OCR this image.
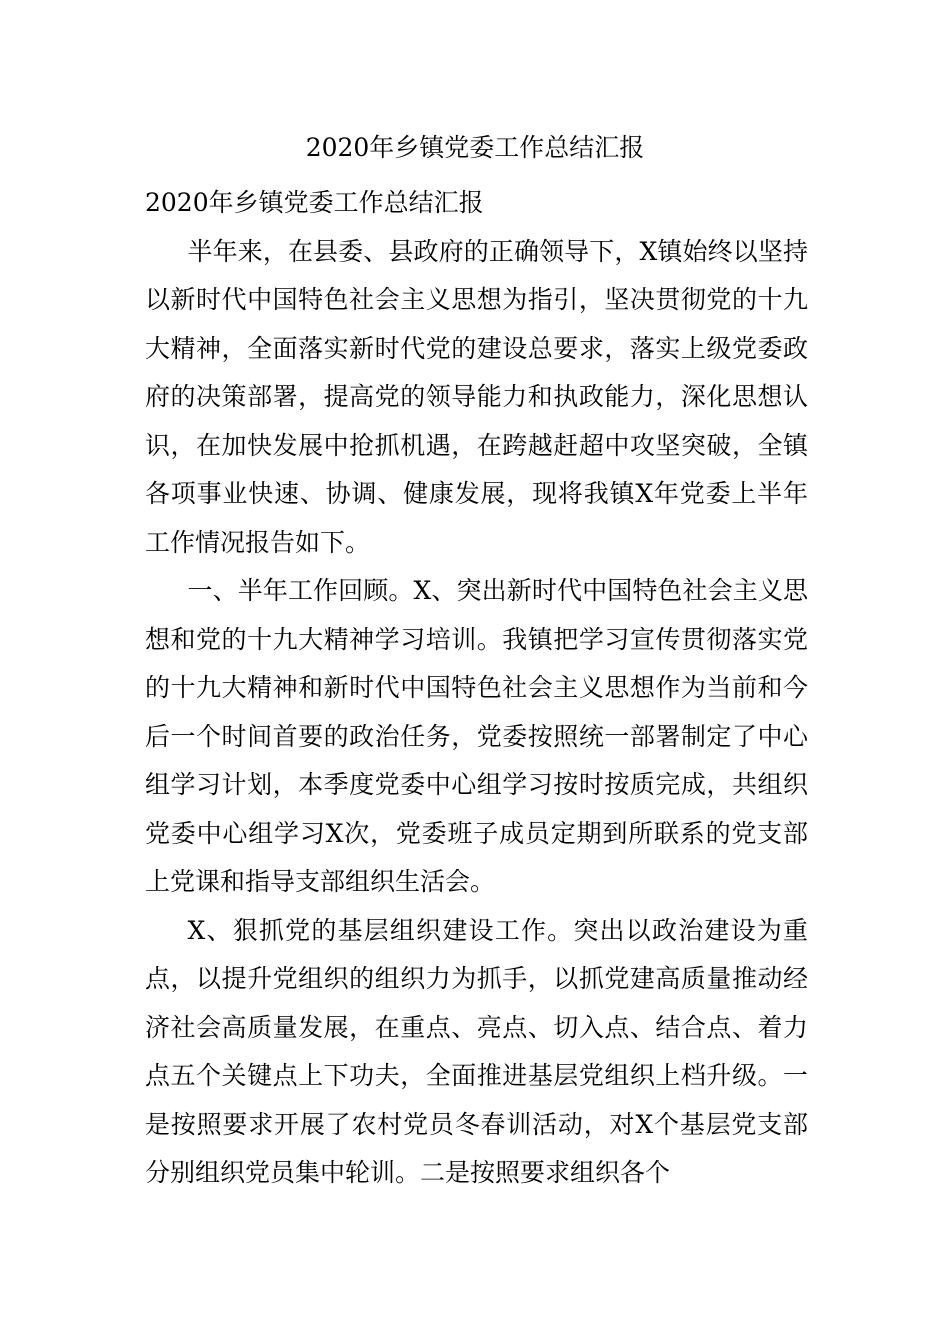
2020年乡镇党委工作总结汇报

2020年乡镇党委工作总结汇报

半年来，在县委、县政府的正确领导下，X镇始终以坚持以新时代中国特色社会主义思想为指引，坚决贯彻党的十九大精神，全面落实新时代党的建设总要求，落实上级党委政府的决策部署，提高党的领导能力和执政能力，深化思想认识，在加快发展中抢抓机遇，在跨越赶超中攻坚突破，全镇各项事业快速、协调、健康发展，现将我镇X年党委上半年工作情况报告如下。

一、半年工作回顾。X、突出新时代中国特色社会主义思想和党的十九大精神学习培训。我镇把学习宣传贯彻落实党的十九大精神和新时代中国特色社会主义思想作为当前和今后一个时间首要的政治任务，党委按照统一部署制定了中心组学习计划，本季度党委中心组学习按时按质完成，共组织党委中心组学习X次，党委班子成员定期到所联系的党支部上党课和指导支部组织生活会。

X、狠抓党的基层组织建设工作。突出以政治建设为重点，以提升党组织的组织力为抓手，以抓党建高质量推动经济社会高质量发展，在重点、亮点、切入点、结合点、着力点五个关键点上下功夫，全面推进基层党组织上档升级。一是按照要求开展了农村党员冬春训活动，对X个基层党支部分别组织党员集中轮训。二是按照要求组织各个
